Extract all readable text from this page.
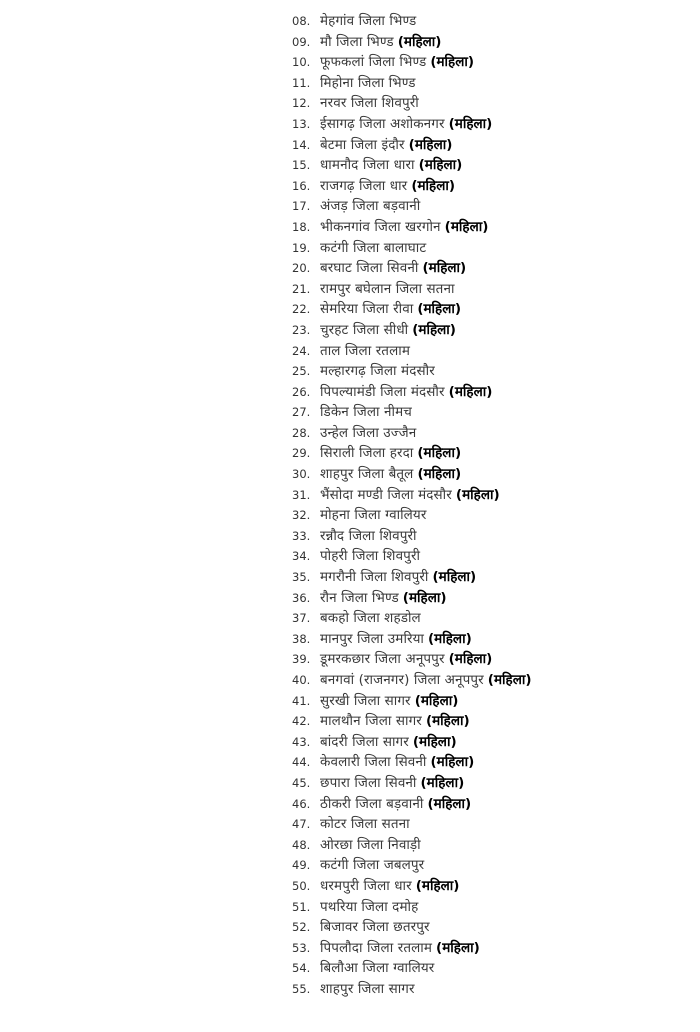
08. मेहगांव जिला भिण्ड
09. मौ जिला भिण्ड (महिला)
10. फूफकलां जिला भिण्ड (महिला)
11. मिहोना जिला भिण्ड
12. नरवर जिला शिवपुरी
13. ईसागढ़ जिला अशोकनगर (महिला)
14. बेटमा जिला इंदौर (महिला)
15. धामनौद जिला धारा (महिला)
16. राजगढ़ जिला धार (महिला)
17. अंजड़ जिला बड़वानी
18. भीकनगांव जिला खरगोन (महिला)
19. कटंगी जिला बालाघाट
20. बरघाट जिला सिवनी (महिला)
21. रामपुर बघेलान जिला सतना
22. सेमरिया जिला रीवा (महिला)
23. चुरहट जिला सीधी (महिला)
24. ताल जिला रतलाम
25. मल्हारगढ़ जिला मंदसौर
26. पिपल्यामंडी जिला मंदसौर (महिला)
27. डिकेन जिला नीमच
28. उन्हेल जिला उज्जैन
29. सिराली जिला हरदा (महिला)
30. शाहपुर जिला बैतूल (महिला)
31. भैंसोदा मण्डी जिला मंदसौर (महिला)
32. मोहना जिला ग्वालियर
33. रन्नौद जिला शिवपुरी
34. पोहरी जिला शिवपुरी
35. मगरौनी जिला शिवपुरी (महिला)
36. रौन जिला भिण्ड (महिला)
37. बकहो जिला शहडोल
38. मानपुर जिला उमरिया (महिला)
39. डूमरकछार जिला अनूपपुर (महिला)
40. बनगवां (राजनगर) जिला अनूपपुर (महिला)
41. सुरखी जिला सागर (महिला)
42. मालथौन जिला सागर (महिला)
43. बांदरी जिला सागर (महिला)
44. केवलारी जिला सिवनी (महिला)
45. छपारा जिला सिवनी (महिला)
46. ठीकरी जिला बड़वानी (महिला)
47. कोटर जिला सतना
48. ओरछा जिला निवाड़ी
49. कटंगी जिला जबलपुर
50. धरमपुरी जिला धार (महिला)
51. पथरिया जिला दमोह
52. बिजावर जिला छतरपुर
53. पिपलौदा जिला रतलाम (महिला)
54. बिलौआ जिला ग्वालियर
55. शाहपुर जिला सागर
